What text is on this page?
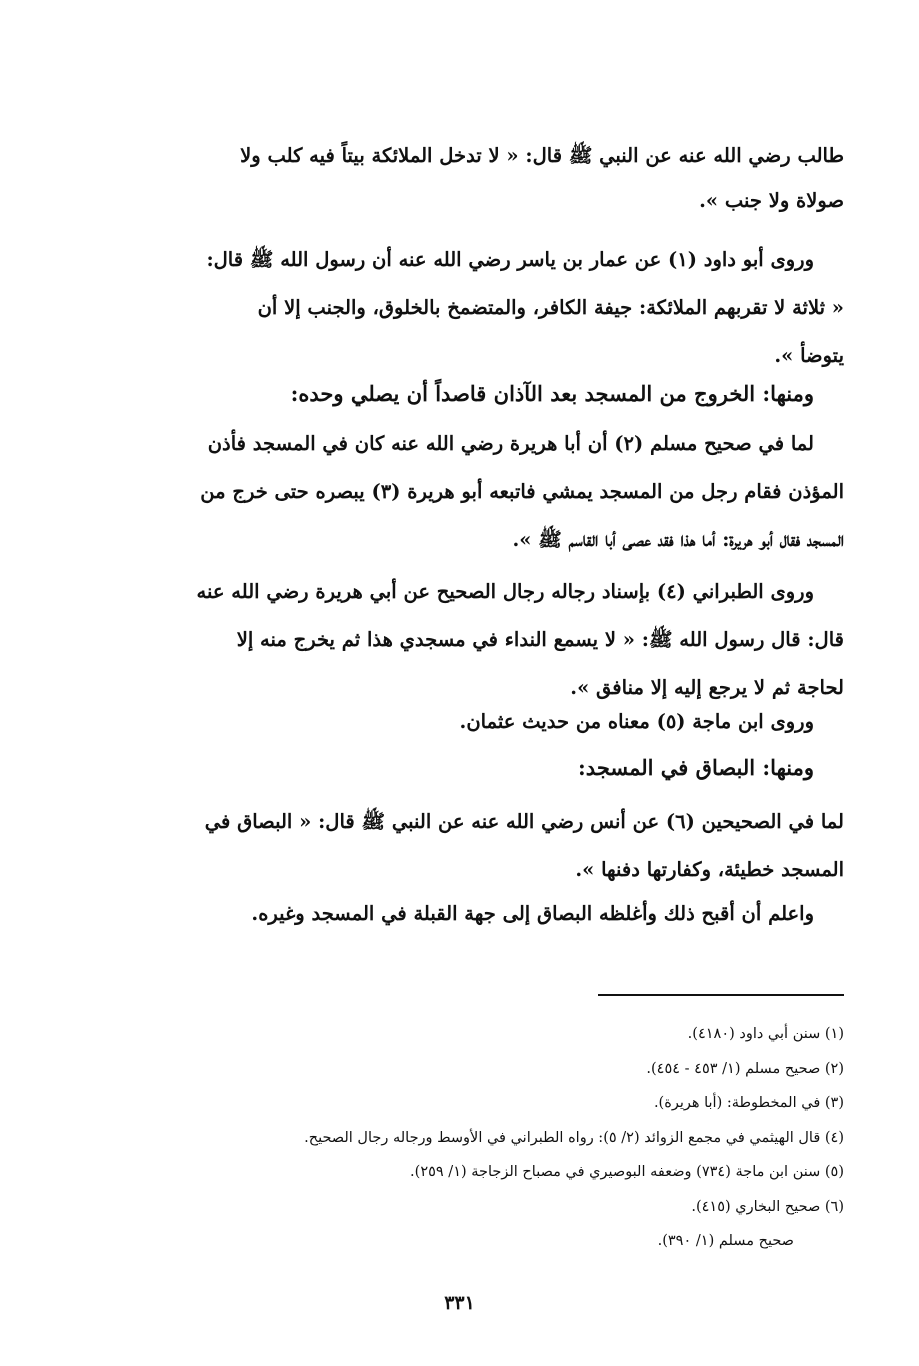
طالب رضي الله عنه عن النبي ﷺ قال: « لا تدخل الملائكة بيتاً فيه كلب ولا
صولاة ولا جنب ».
وروى أبو داود (١) عن عمار بن ياسر رضي الله عنه أن رسول الله ﷺ قال:
« ثلاثة لا تقربهم الملائكة: جيفة الكافر، والمتضمخ بالخلوق، والجنب إلا أن
يتوضأ ».
ومنها: الخروج من المسجد بعد الآذان قاصداً أن يصلي وحده:
لما في صحيح مسلم (٢) أن أبا هريرة رضي الله عنه كان في المسجد فأذن
المؤذن فقام رجل من المسجد يمشي فاتبعه أبو هريرة (٣) يبصره حتى خرج من
المسجد فقال أبو هريرة: أما هذا فقد عصى أبا القاسم ﷺ ».
وروى الطبراني (٤) بإسناد رجاله رجال الصحيح عن أبي هريرة رضي الله عنه
قال: قال رسول الله ﷺ: « لا يسمع النداء في مسجدي هذا ثم يخرج منه إلا
لحاجة ثم لا يرجع إليه إلا منافق ».
وروى ابن ماجة (٥) معناه من حديث عثمان.
ومنها: البصاق في المسجد:
لما في الصحيحين (٦) عن أنس رضي الله عنه عن النبي ﷺ قال: « البصاق في
المسجد خطيئة، وكفارتها دفنها ».
واعلم أن أقبح ذلك وأغلظه البصاق إلى جهة القبلة في المسجد وغيره.
(١) سنن أبي داود (٤١٨٠).
(٢) صحيح مسلم (١/ ٤٥٣ - ٤٥٤).
(٣) في المخطوطة: (أبا هريرة).
(٤) قال الهيثمي في مجمع الزوائد (٢/ ٥): رواه الطبراني في الأوسط ورجاله رجال الصحيح.
(٥) سنن ابن ماجة (٧٣٤) وضعفه البوصيري في مصباح الزجاجة (١/ ٢٥٩).
(٦) صحيح البخاري (٤١٥).
صحيح مسلم (١/ ٣٩٠).
٣٣١
